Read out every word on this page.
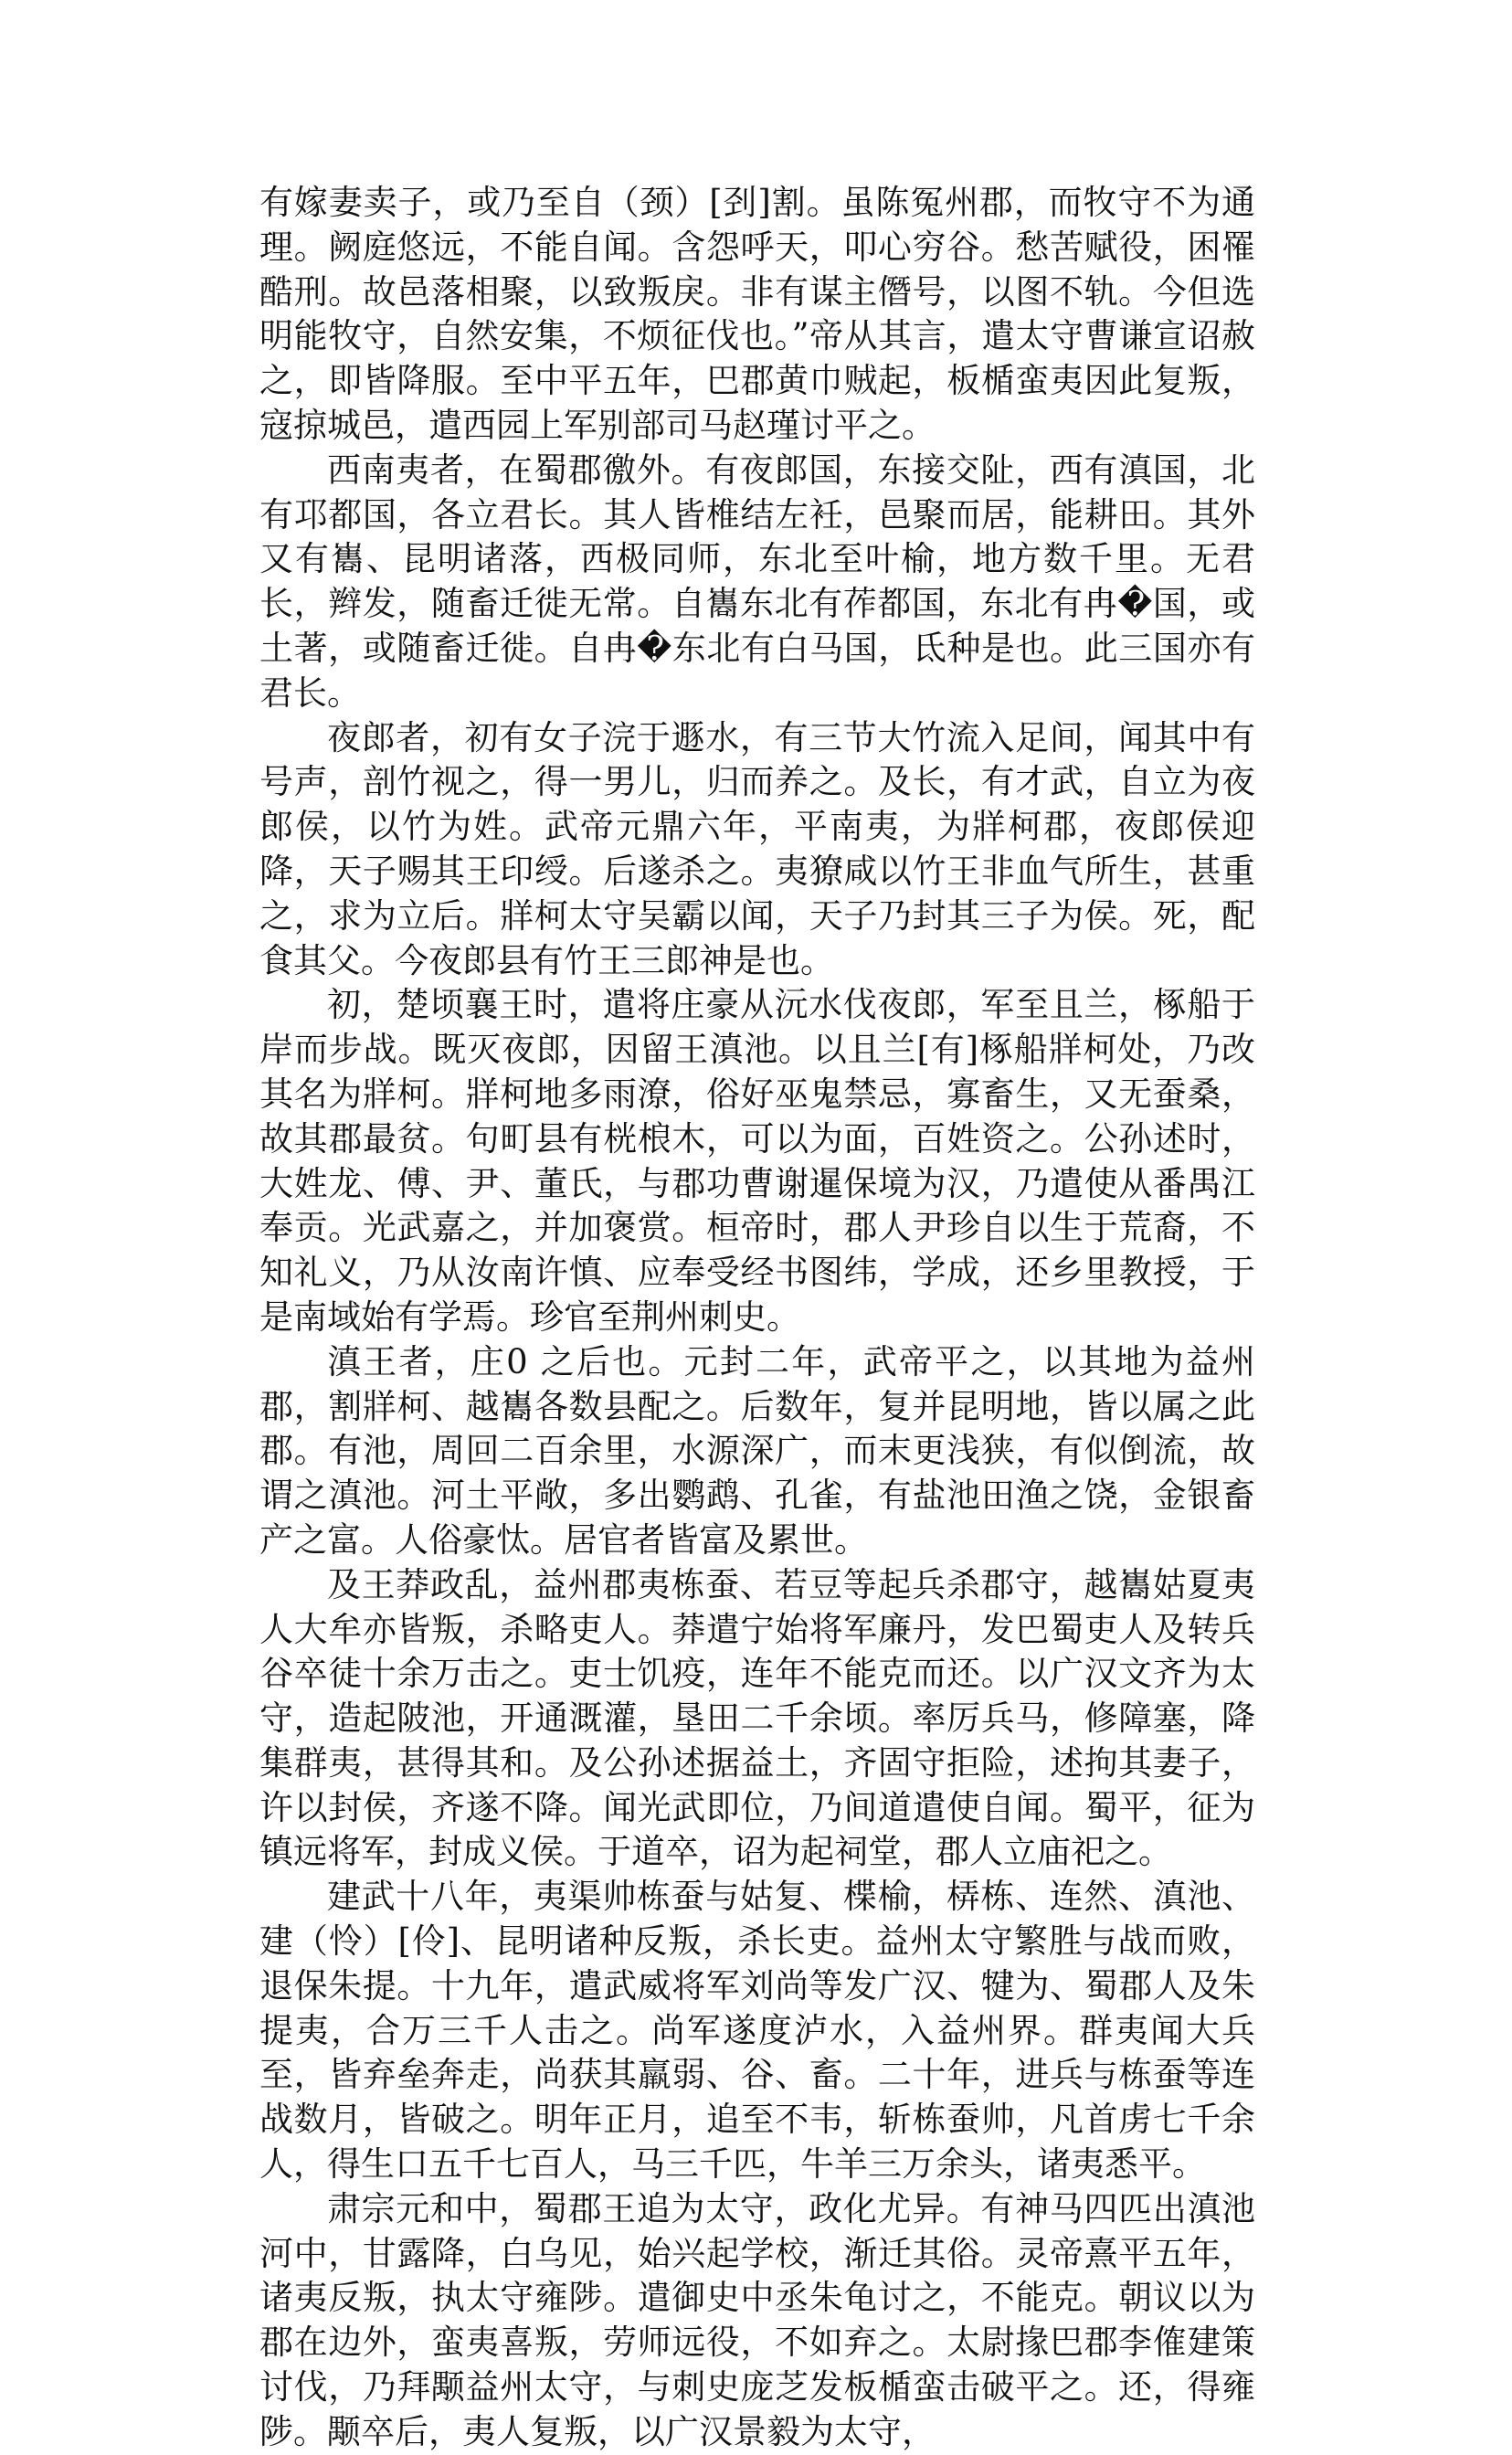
有嫁妻卖子，或乃至自（颈）[刭]割。虽陈冤州郡，而牧守不为通理。阙庭悠远，不能自闻。含怨呼天，叩心穷谷。愁苦赋役，困罹酷刑。故邑落相聚，以致叛戾。非有谋主僭号，以图不轨。今但选明能牧守，自然安集，不烦征伐也。”帝从其言，遣太守曹谦宣诏赦之，即皆降服。至中平五年，巴郡黄巾贼起，板楯蛮夷因此复叛，寇掠城邑，遣西园上军别部司马赵瑾讨平之。

西南夷者，在蜀郡徼外。有夜郎国，东接交阯，西有滇国，北有邛都国，各立君长。其人皆椎结左衽，邑聚而居，能耕田。其外又有巂、昆明诸落，西极同师，东北至叶榆，地方数千里。无君长，辫发，随畜迁徙无常。自巂东北有莋都国，东北有冉�国，或土著，或随畜迁徙。自冉�东北有白马国，氐种是也。此三国亦有君长。

夜郎者，初有女子浣于遯水，有三节大竹流入足间，闻其中有号声，剖竹视之，得一男儿，归而养之。及长，有才武，自立为夜郎侯，以竹为姓。武帝元鼎六年，平南夷，为牂柯郡，夜郎侯迎降，天子赐其王印绶。后遂杀之。夷獠咸以竹王非血气所生，甚重之，求为立后。牂柯太守吴霸以闻，天子乃封其三子为侯。死，配食其父。今夜郎县有竹王三郎神是也。

初，楚顷襄王时，遣将庄豪从沅水伐夜郎，军至且兰，椓船于岸而步战。既灭夜郎，因留王滇池。以且兰[有]椓船牂柯处，乃改其名为牂柯。牂柯地多雨潦，俗好巫鬼禁忌，寡畜生，又无蚕桑，故其郡最贫。句町县有桄桹木，可以为面，百姓资之。公孙述时，大姓龙、傅、尹、董氏，与郡功曹谢暹保境为汉，乃遣使从番禺江奉贡。光武嘉之，并加褒赏。桓帝时，郡人尹珍自以生于荒裔，不知礼义，乃从汝南许慎、应奉受经书图纬，学成，还乡里教授，于是南域始有学焉。珍官至荆州刺史。

滇王者，庄0 之后也。元封二年，武帝平之，以其地为益州郡，割牂柯、越巂各数县配之。后数年，复并昆明地，皆以属之此郡。有池，周回二百余里，水源深广，而末更浅狭，有似倒流，故谓之滇池。河土平敞，多出鹦鹉、孔雀，有盐池田渔之饶，金银畜产之富。人俗豪忲。居官者皆富及累世。

及王莽政乱，益州郡夷栋蚕、若豆等起兵杀郡守，越巂姑夏夷人大牟亦皆叛，杀略吏人。莽遣宁始将军廉丹，发巴蜀吏人及转兵谷卒徒十余万击之。吏士饥疫，连年不能克而还。以广汉文齐为太守，造起陂池，开通溉灌，垦田二千余顷。率厉兵马，修障塞，降集群夷，甚得其和。及公孙述据益土，齐固守拒险，述拘其妻子，许以封侯，齐遂不降。闻光武即位，乃间道遣使自闻。蜀平，征为镇远将军，封成义侯。于道卒，诏为起祠堂，郡人立庙祀之。

建武十八年，夷渠帅栋蚕与姑复、楪榆，梇栋、连然、滇池、建（怜）[伶]、昆明诸种反叛，杀长吏。益州太守繁胜与战而败，退保朱提。十九年，遣武威将军刘尚等发广汉、犍为、蜀郡人及朱提夷，合万三千人击之。尚军遂度泸水，入益州界。群夷闻大兵至，皆弃垒奔走，尚获其羸弱、谷、畜。二十年，进兵与栋蚕等连战数月，皆破之。明年正月，追至不韦，斩栋蚕帅，凡首虏七千余人，得生口五千七百人，马三千匹，牛羊三万余头，诸夷悉平。

肃宗元和中，蜀郡王追为太守，政化尤异。有神马四匹出滇池河中，甘露降，白乌见，始兴起学校，渐迁其俗。灵帝熹平五年，诸夷反叛，执太守雍陟。遣御史中丞朱龟讨之，不能克。朝议以为郡在边外，蛮夷喜叛，劳师远役，不如弃之。太尉掾巴郡李傕建策讨伐，乃拜颙益州太守，与刺史庞芝发板楯蛮击破平之。还，得雍陟。颙卒后，夷人复叛，以广汉景毅为太守，
